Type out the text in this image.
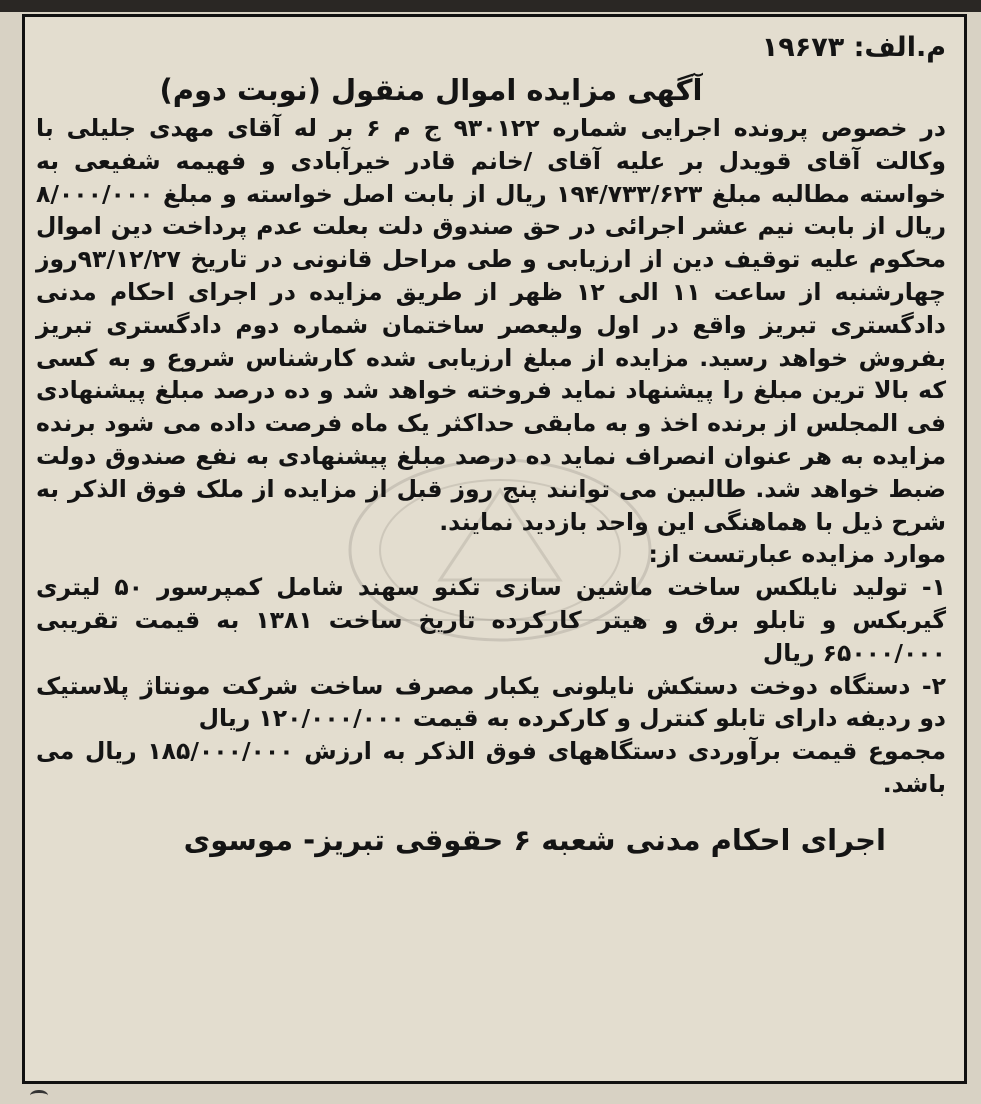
م.الف: ۱۹۶۷۳
آگهی مزایده اموال منقول (نوبت دوم)

در خصوص پرونده اجرایی شماره ۹۳۰۱۲۲ ج م ۶ بر له آقای مهدی جلیلی با وکالت آقای قویدل بر علیه آقای /خانم قادر خیرآبادی و فهیمه شفیعی به خواسته مطالبه مبلغ ۱۹۴/۷۳۳/۶۲۳ ریال از بابت اصل خواسته و مبلغ ۸/۰۰۰/۰۰۰ ریال از بابت نیم عشر اجرائی در حق صندوق دلت بعلت عدم پرداخت دین اموال محکوم علیه توقیف دین از ارزیابی و طی مراحل قانونی در تاریخ ۹۳/۱۲/۲۷روز چهارشنبه از ساعت ۱۱ الی ۱۲ ظهر از طریق مزایده در اجرای احکام مدنی دادگستری تبریز واقع در اول ولیعصر ساختمان شماره دوم دادگستری تبریز بفروش خواهد رسید. مزایده از مبلغ ارزیابی شده کارشناس شروع و به کسی که بالا ترین مبلغ را پیشنهاد نماید فروخته خواهد شد و ده درصد مبلغ پیشنهادی فی المجلس از برنده اخذ و به مابقی حداکثر یک ماه فرصت داده می شود برنده مزایده به هر عنوان انصراف نماید ده درصد مبلغ پیشنهادی به نفع صندوق دولت ضبط خواهد شد. طالبین می توانند پنج روز قبل از مزایده از ملک فوق الذکر به شرح ذیل با هماهنگی این واحد بازدید نمایند.

موارد مزایده عبارتست از:

۱- تولید نایلکس ساخت ماشین سازی تکنو سهند شامل کمپرسور ۵۰ لیتری گیربکس و تابلو برق و هیتر کارکرده تاریخ ساخت ۱۳۸۱ به قیمت تقریبی ۶۵۰۰۰/۰۰۰ ریال

۲- دستگاه دوخت دستکش نایلونی یکبار مصرف ساخت شرکت مونتاژ پلاستیک دو ردیفه دارای تابلو کنترل و کارکرده به قیمت ۱۲۰/۰۰۰/۰۰۰ ریال

مجموع قیمت برآوردی دستگاههای فوق الذکر به ارزش ۱۸۵/۰۰۰/۰۰۰ ریال می باشد.

اجرای احکام مدنی شعبه ۶ حقوقی تبریز- موسوی
